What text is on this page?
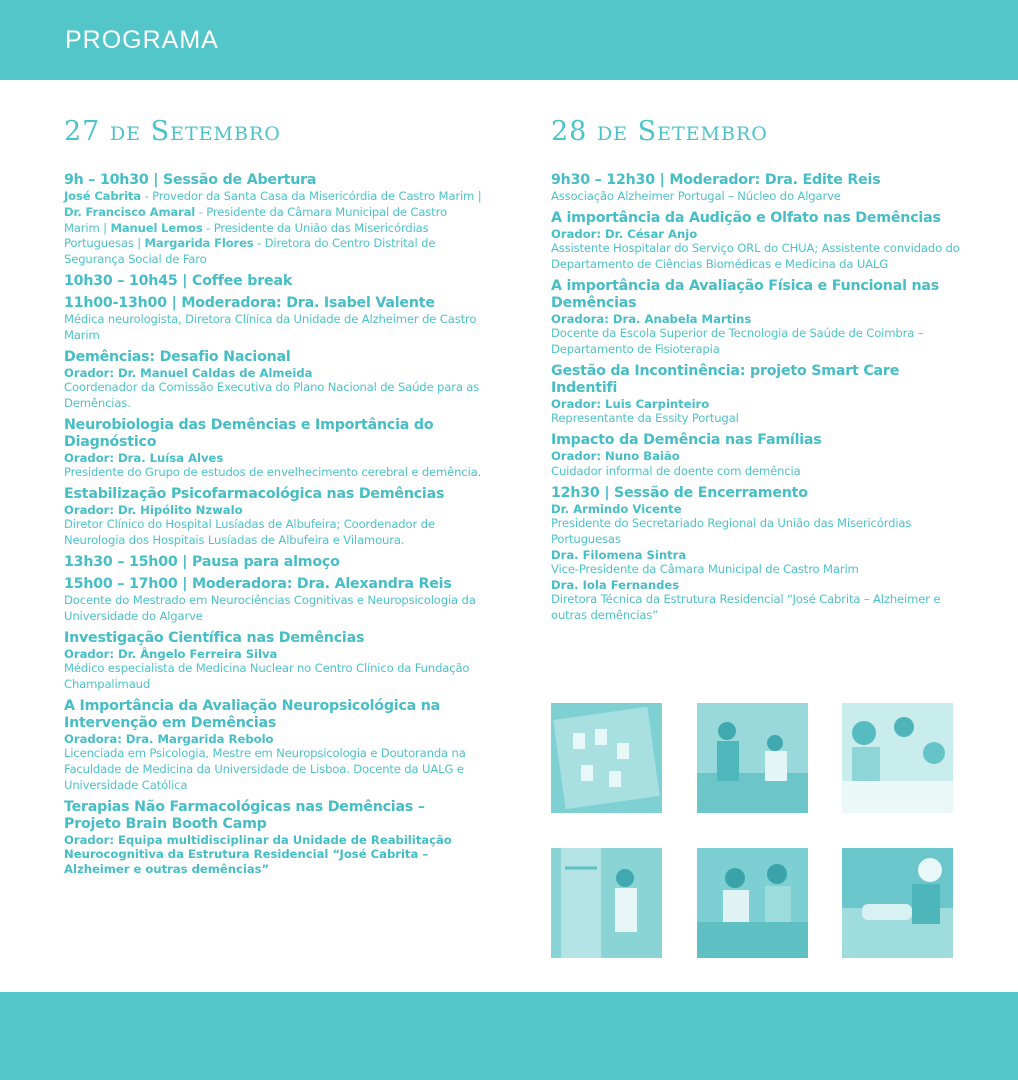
PROGRAMA
27 de Setembro
9h – 10h30 | Sessão de Abertura
José Cabrita - Provedor da Santa Casa da Misericórdia de Castro Marim | Dr. Francisco Amaral - Presidente da Câmara Municipal de Castro Marim | Manuel Lemos - Presidente da União das Misericórdias Portuguesas | Margarida Flores - Diretora do Centro Distrital de Segurança Social de Faro
10h30 – 10h45 | Coffee break
11h00-13h00 | Moderadora: Dra. Isabel Valente
Médica neurologista, Diretora Clínica da Unidade de Alzheimer de Castro Marim
Demências: Desafio Nacional
Orador: Dr. Manuel Caldas de Almeida
Coordenador da Comissão Executiva do Plano Nacional de Saúde para as Demências.
Neurobiologia das Demências e Importância do Diagnóstico
Orador: Dra. Luísa Alves
Presidente do Grupo de estudos de envelhecimento cerebral e demência.
Estabilização Psicofarmacológica nas Demências
Orador: Dr. Hipólito Nzwalo
Diretor Clínico do Hospital Lusíadas de Albufeira; Coordenador de Neurologia dos Hospitais Lusíadas de Albufeira e Vilamoura.
13h30 – 15h00 | Pausa para almoço
15h00 – 17h00 | Moderadora: Dra. Alexandra Reis
Docente do Mestrado em Neurociências Cognitivas e Neuropsicologia da Universidade do Algarve
Investigação Científica nas Demências
Orador: Dr. Ângelo Ferreira Silva
Médico especialista de Medicina Nuclear no Centro Clínico da Fundação Champalimaud
A Importância da Avaliação Neuropsicológica na Intervenção em Demências
Oradora: Dra. Margarida Rebolo
Licenciada em Psicologia, Mestre em Neuropsicologia e Doutoranda na Faculdade de Medicina da Universidade de Lisboa. Docente da UALG e Universidade Católica
Terapias Não Farmacológicas nas Demências – Projeto Brain Booth Camp
Orador: Equipa multidisciplinar da Unidade de Reabilitação Neurocognitiva da Estrutura Residencial “José Cabrita – Alzheimer e outras demências”
28 de Setembro
9h30 – 12h30 | Moderador: Dra. Edite Reis
Associação Alzheimer Portugal – Núcleo do Algarve
A importância da Audição e Olfato nas Demências
Orador: Dr. César Anjo
Assistente Hospitalar do Serviço ORL do CHUA; Assistente convidado do Departamento de Ciências Biomédicas e Medicina da UALG
A importância da Avaliação Física e Funcional nas Demências
Oradora: Dra. Anabela Martins
Docente da Escola Superior de Tecnologia de Saúde de Coimbra – Departamento de Fisioterapia
Gestão da Incontinência: projeto Smart Care Indentifi
Orador: Luis Carpinteiro
Representante da Essity Portugal
Impacto da Demência nas Famílias
Orador: Nuno Baião
Cuidador informal de doente com demência
12h30 | Sessão de Encerramento
Dr. Armindo Vicente
Presidente do Secretariado Regional da União das Misericórdias Portuguesas
Dra. Filomena Sintra
Vice-Presidente da Câmara Municipal de Castro Marim
Dra. Iola Fernandes
Diretora Técnica da Estrutura Residencial “José Cabrita – Alzheimer e outras demências”
